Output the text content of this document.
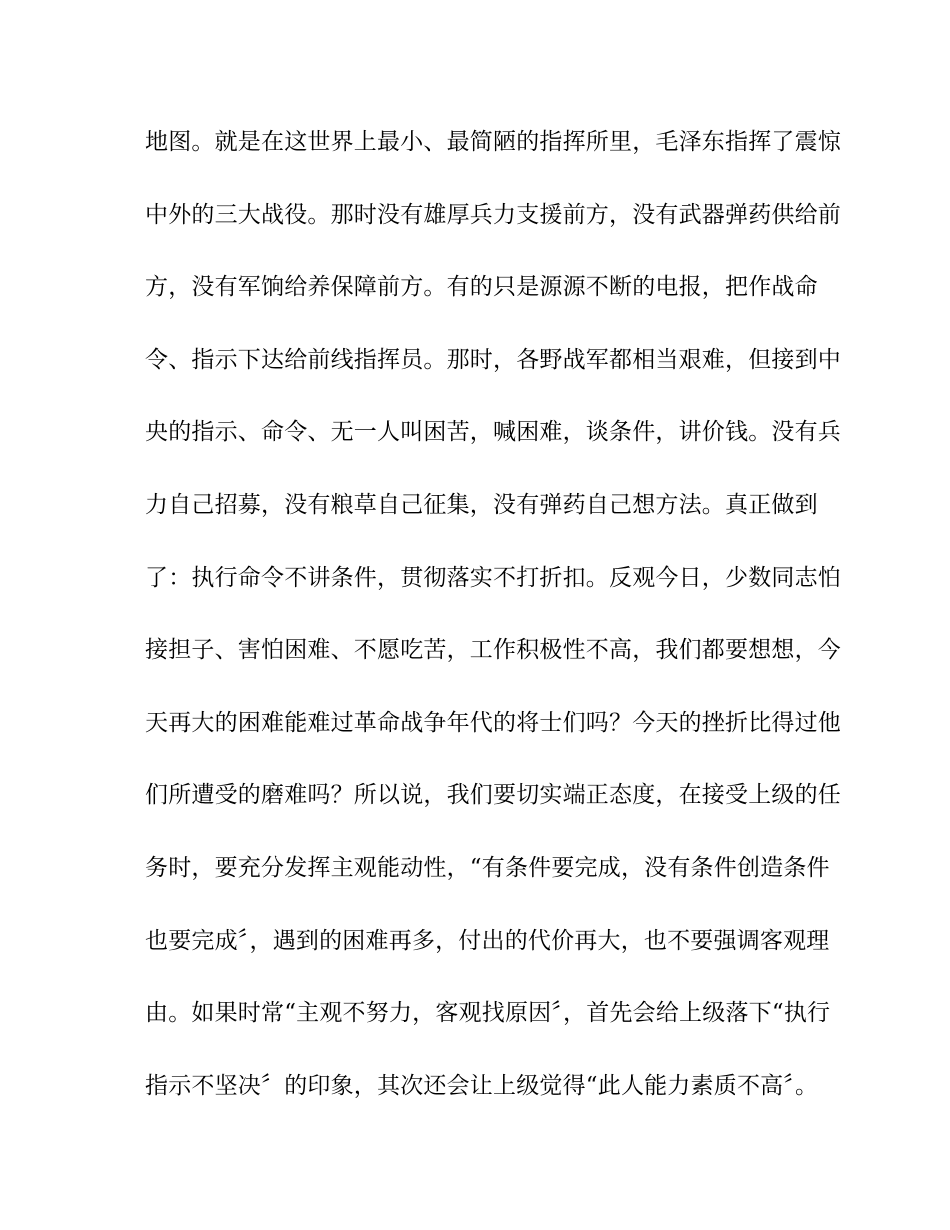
地图。就是在这世界上最小、最简陋的指挥所里，毛泽东指挥了震惊
中外的三大战役。那时没有雄厚兵力支援前方，没有武器弹药供给前
方，没有军饷给养保障前方。有的只是源源不断的电报，把作战命
令、指示下达给前线指挥员。那时，各野战军都相当艰难，但接到中
央的指示、命令、无一人叫困苦，喊困难，谈条件，讲价钱。没有兵
力自己招募，没有粮草自己征集，没有弹药自己想方法。真正做到
了：执行命令不讲条件，贯彻落实不打折扣。反观今日，少数同志怕
接担子、害怕困难、不愿吃苦，工作积极性不高，我们都要想想，今
天再大的困难能难过革命战争年代的将士们吗？今天的挫折比得过他
们所遭受的磨难吗？所以说，我们要切实端正态度，在接受上级的任
务时，要充分发挥主观能动性，“有条件要完成，没有条件创造条件
也要完成〞，遇到的困难再多，付出的代价再大，也不要强调客观理
由。如果时常“主观不努力，客观找原因〞，首先会给上级落下“执行
指示不坚决〞的印象，其次还会让上级觉得“此人能力素质不高〞。
